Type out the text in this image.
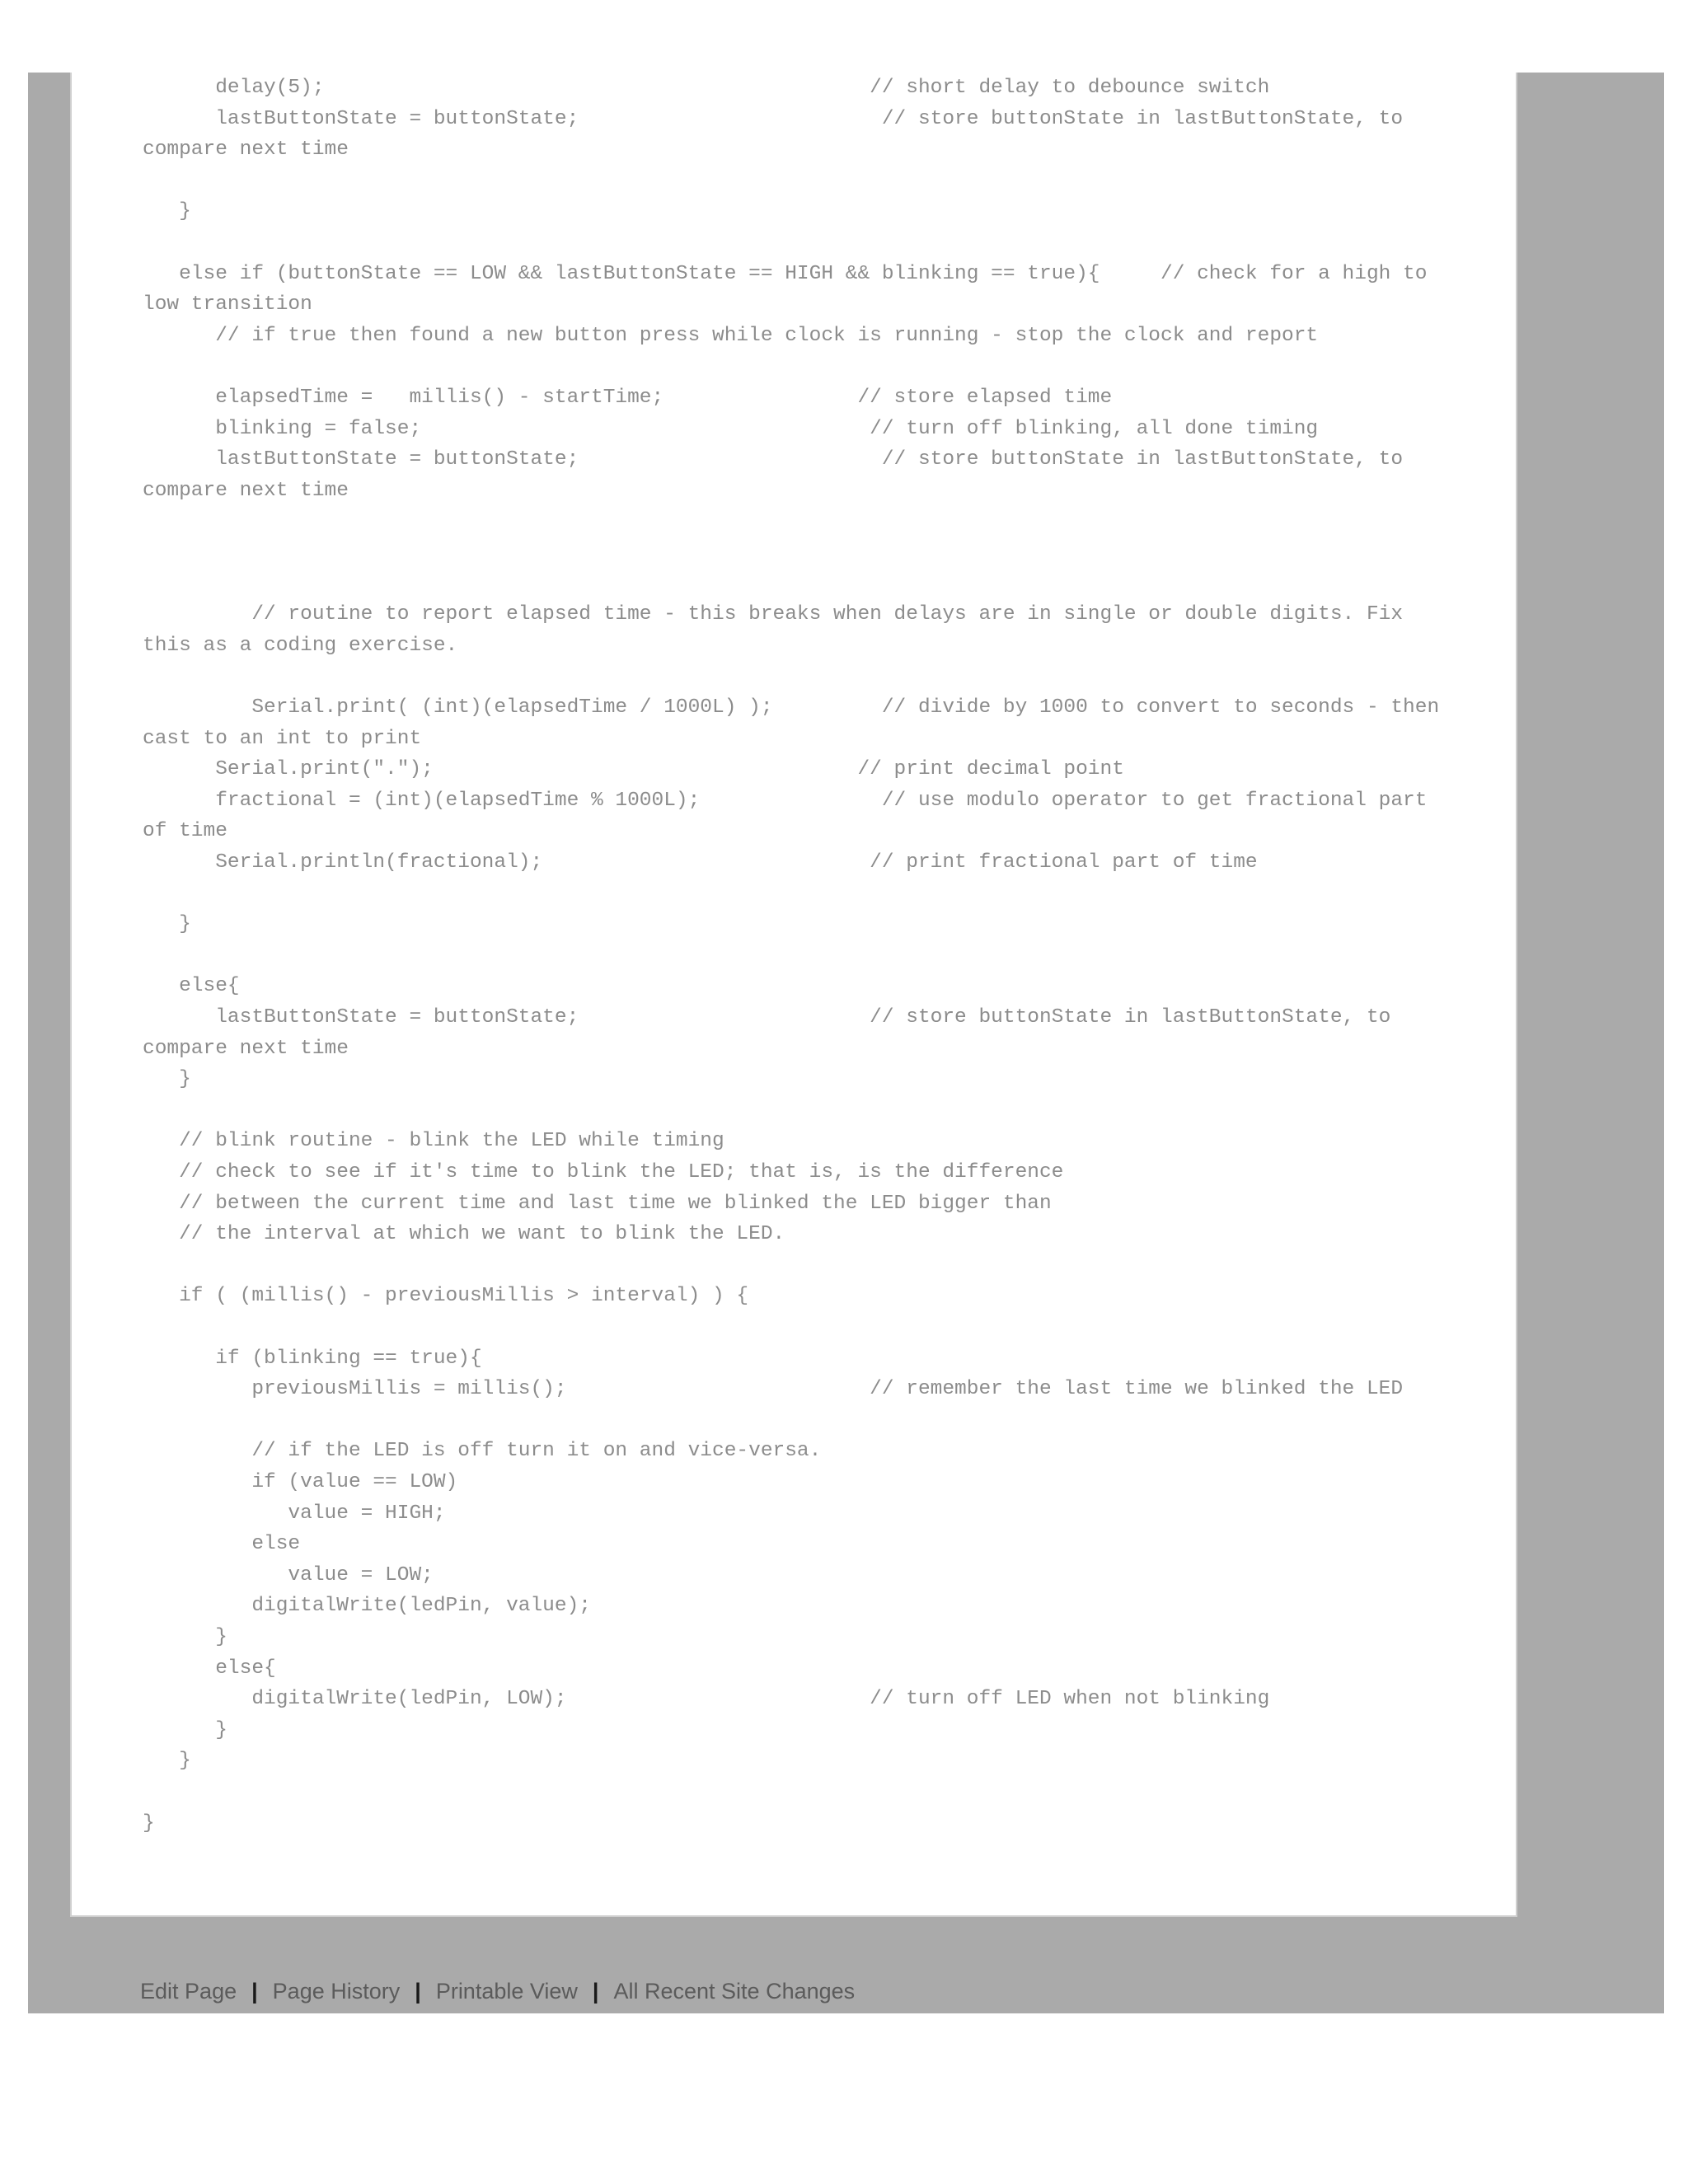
delay(5);                                             // short delay to debounce switch
lastButtonState = buttonState;                         // store buttonState in lastButtonState, to
compare next time
}
else if (buttonState == LOW && lastButtonState == HIGH && blinking == true){     // check for a high to
low transition
// if true then found a new button press while clock is running - stop the clock and report
elapsedTime =   millis() - startTime;                // store elapsed time
blinking = false;                                     // turn off blinking, all done timing
lastButtonState = buttonState;                         // store buttonState in lastButtonState, to
compare next time
// routine to report elapsed time - this breaks when delays are in single or double digits. Fix
this as a coding exercise.
Serial.print( (int)(elapsedTime / 1000L) );         // divide by 1000 to convert to seconds - then
cast to an int to print
Serial.print(".");                                   // print decimal point
fractional = (int)(elapsedTime % 1000L);               // use modulo operator to get fractional part
of time
Serial.println(fractional);                           // print fractional part of time
}
else{
lastButtonState = buttonState;                        // store buttonState in lastButtonState, to
compare next time
}
// blink routine - blink the LED while timing
// check to see if it's time to blink the LED; that is, is the difference
// between the current time and last time we blinked the LED bigger than
// the interval at which we want to blink the LED.
if ( (millis() - previousMillis > interval) ) {
if (blinking == true){
previousMillis = millis();                         // remember the last time we blinked the LED
// if the LED is off turn it on and vice-versa.
if (value == LOW)
value = HIGH;
else
value = LOW;
digitalWrite(ledPin, value);
}
else{
digitalWrite(ledPin, LOW);                         // turn off LED when not blinking
}
}
}

Edit Page | Page History | Printable View | All Recent Site Changes
